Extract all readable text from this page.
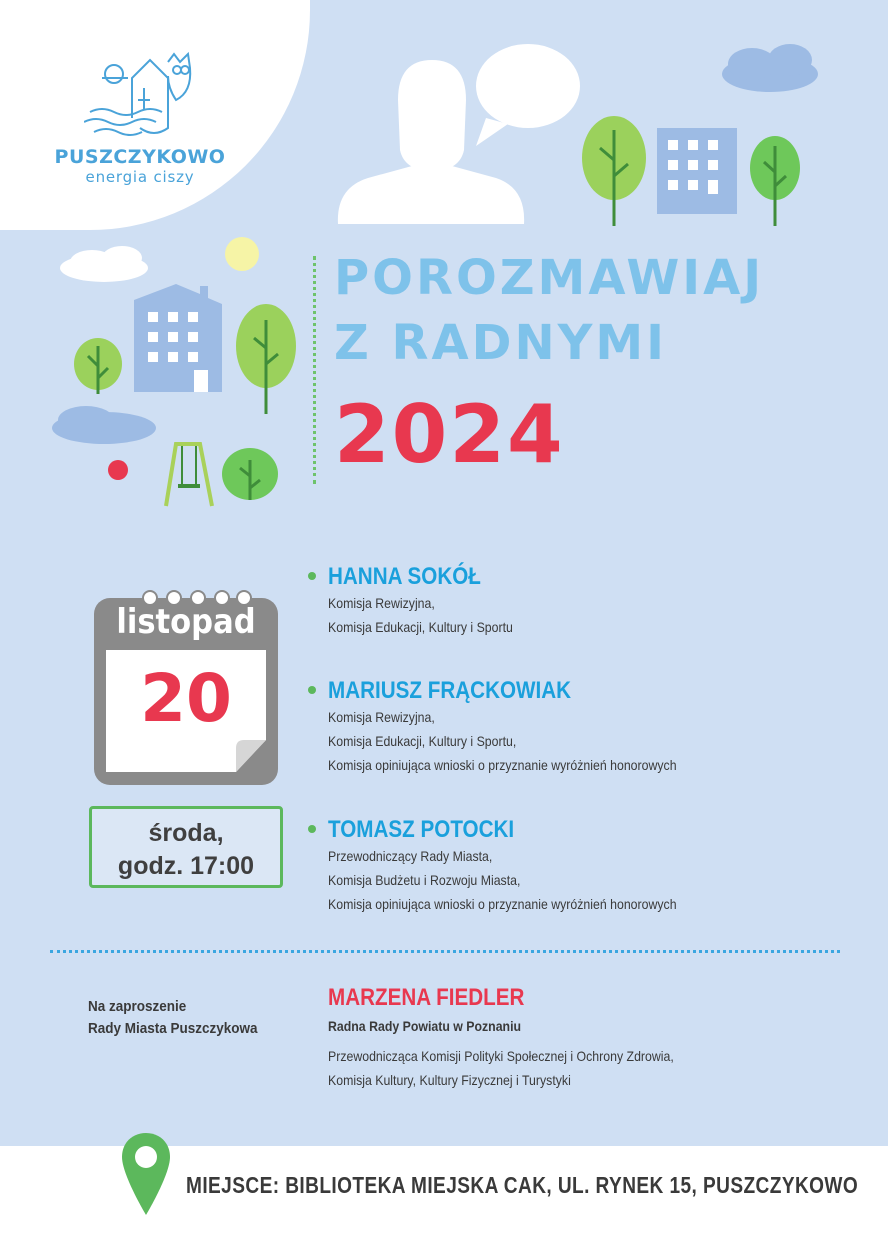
PUSZCZYKOWO
energia ciszy
POROZMAWIAJ
Z RADNYMI
2024
listopad
20
środa,
godz. 17:00
HANNA SOKÓŁ
Komisja Rewizyjna,
Komisja Edukacji, Kultury i Sportu
MARIUSZ FRĄCKOWIAK
Komisja Rewizyjna,
Komisja Edukacji, Kultury i Sportu,
Komisja opiniująca wnioski o przyznanie wyróżnień honorowych
TOMASZ POTOCKI
Przewodniczący Rady Miasta,
Komisja Budżetu i Rozwoju Miasta,
Komisja opiniująca wnioski o przyznanie wyróżnień honorowych
Na zaproszenie
Rady Miasta Puszczykowa
MARZENA FIEDLER
Radna Rady Powiatu w Poznaniu
Przewodnicząca Komisji Polityki Społecznej i Ochrony Zdrowia,
Komisja Kultury, Kultury Fizycznej i Turystyki
MIEJSCE: BIBLIOTEKA MIEJSKA CAK, UL. RYNEK 15, PUSZCZYKOWO
